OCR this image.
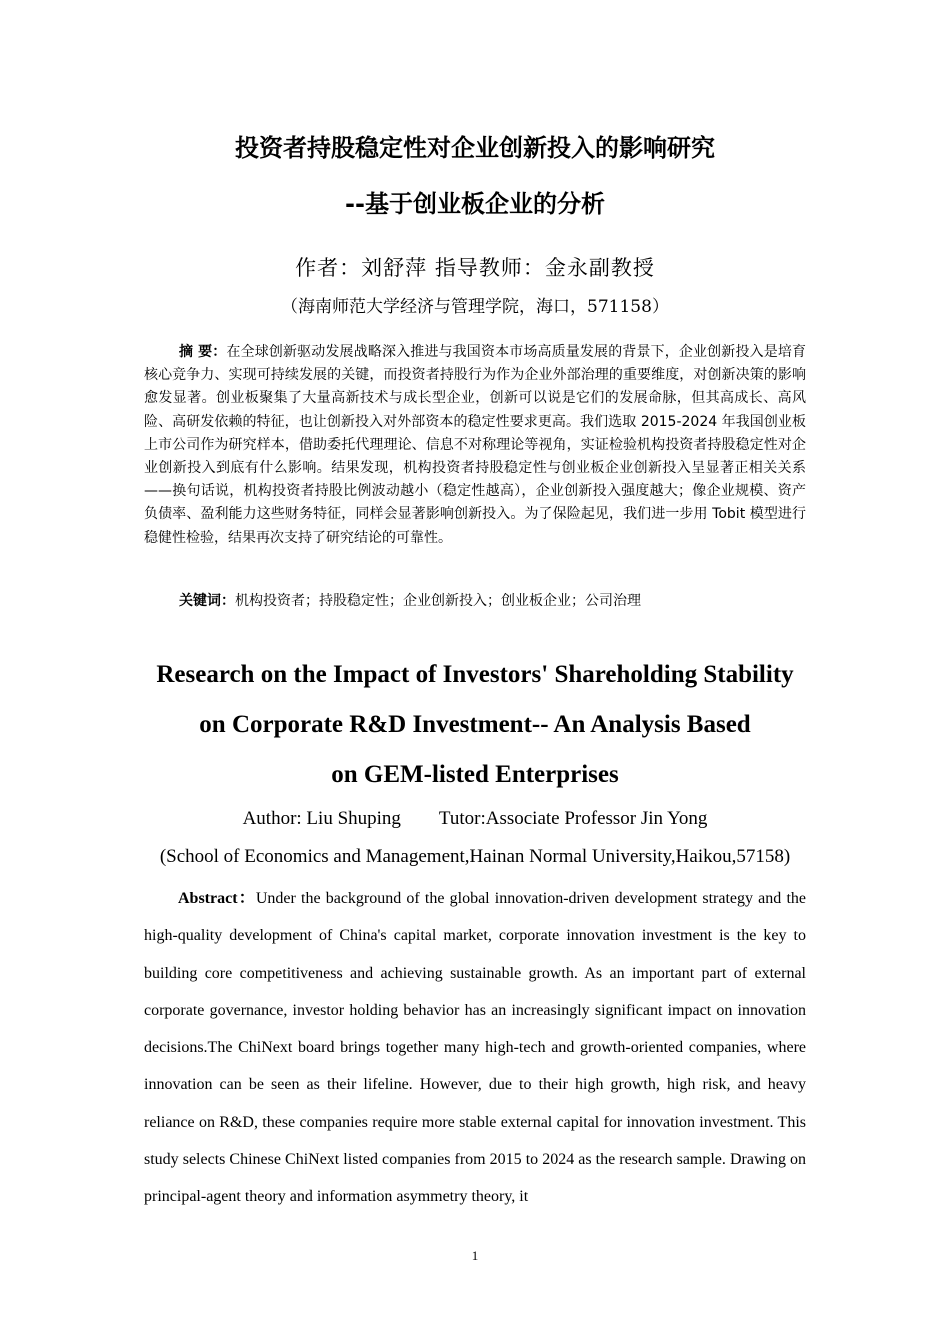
投资者持股稳定性对企业创新投入的影响研究
--基于创业板企业的分析
作者：刘舒萍 指导教师：金永副教授
（海南师范大学经济与管理学院，海口，571158）

摘 要：在全球创新驱动发展战略深入推进与我国资本市场高质量发展的背景下，企业创新投入是培育核心竞争力、实现可持续发展的关键，而投资者持股行为作为企业外部治理的重要维度，对创新决策的影响愈发显著。创业板聚集了大量高新技术与成长型企业，创新可以说是它们的发展命脉，但其高成长、高风险、高研发依赖的特征，也让创新投入对外部资本的稳定性要求更高。我们选取 2015-2024 年我国创业板上市公司作为研究样本，借助委托代理理论、信息不对称理论等视角，实证检验机构投资者持股稳定性对企业创新投入到底有什么影响。结果发现，机构投资者持股稳定性与创业板企业创新投入呈显著正相关关系——换句话说，机构投资者持股比例波动越小（稳定性越高），企业创新投入强度越大；像企业规模、资产负债率、盈利能力这些财务特征，同样会显著影响创新投入。为了保险起见，我们进一步用 Tobit 模型进行稳健性检验，结果再次支持了研究结论的可靠性。

关键词：机构投资者；持股稳定性；企业创新投入；创业板企业；公司治理

Research on the Impact of Investors' Shareholding Stability
on Corporate R&D Investment-- An Analysis Based
on GEM-listed Enterprises
Author: Liu Shuping Tutor:Associate Professor Jin Yong
(School of Economics and Management,Hainan Normal University,Haikou,57158)

Abstract：Under the background of the global innovation-driven development strategy and the high-quality development of China's capital market, corporate innovation investment is the key to building core competitiveness and achieving sustainable growth. As an important part of external corporate governance, investor holding behavior has an increasingly significant impact on innovation decisions.The ChiNext board brings together many high-tech and growth-oriented companies, where innovation can be seen as their lifeline. However, due to their high growth, high risk, and heavy reliance on R&D, these companies require more stable external capital for innovation investment. This study selects Chinese ChiNext listed companies from 2015 to 2024 as the research sample. Drawing on principal-agent theory and information asymmetry theory, it

1
